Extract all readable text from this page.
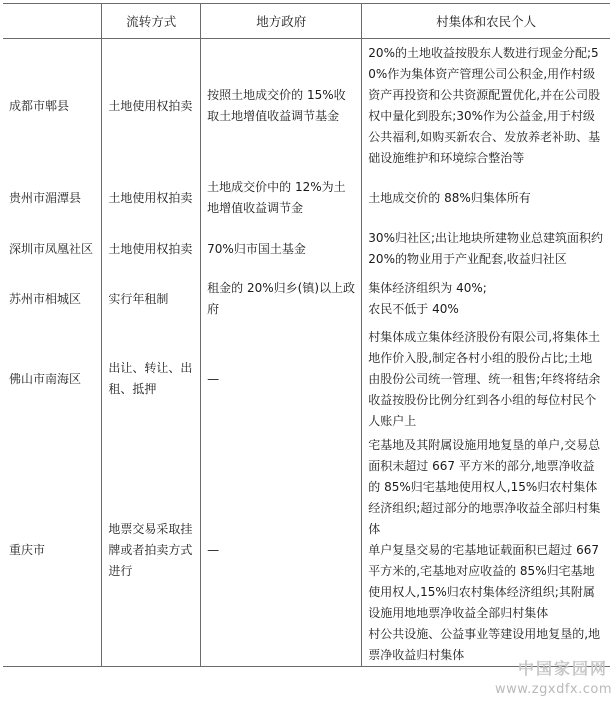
	流转方式	地方政府	村集体和农民个人
成都市郫县	土地使用权拍卖	按照土地成交价的 15%收取土地增值收益调节基金	20%的土地收益按股东人数进行现金分配;50%作为集体资产管理公司公积金,用作村级资产再投资和公共资源配置优化,并在公司股权中量化到股东;30%作为公益金,用于村级公共福利,如购买新农合、发放养老补助、基础设施维护和环境综合整治等
贵州市湄潭县	土地使用权拍卖	土地成交价中的 12%为土地增值收益调节金	土地成交价的 88%归集体所有
深圳市凤凰社区	土地使用权拍卖	70%归市国土基金	30%归社区;出让地块所建物业总建筑面积约 20%的物业用于产业配套,收益归社区
苏州市相城区	实行年租制	租金的 20%归乡(镇)以上政府	集体经济组织为 40%;
农民不低于 40%
佛山市南海区	出让、转让、出租、抵押	—	村集体成立集体经济股份有限公司,将集体土地作价入股,制定各村小组的股份占比;土地由股份公司统一管理、统一租售;年终将结余收益按股份比例分红到各小组的每位村民个人账户上
重庆市	地票交易采取挂牌或者拍卖方式进行	—	宅基地及其附属设施用地复垦的单户,交易总面积未超过 667 平方米的部分,地票净收益的 85%归宅基地使用权人,15%归农村集体经济组织;超过部分的地票净收益全部归村集体
单户复垦交易的宅基地证载面积已超过 667 平方米的,宅基地对应收益的 85%归宅基地使用权人,15%归农村集体经济组织;其附属设施用地地票净收益全部归村集体
村公共设施、公益事业等建设用地复垦的,地票净收益归村集体
中国家园网
www.zgxdfx.com
